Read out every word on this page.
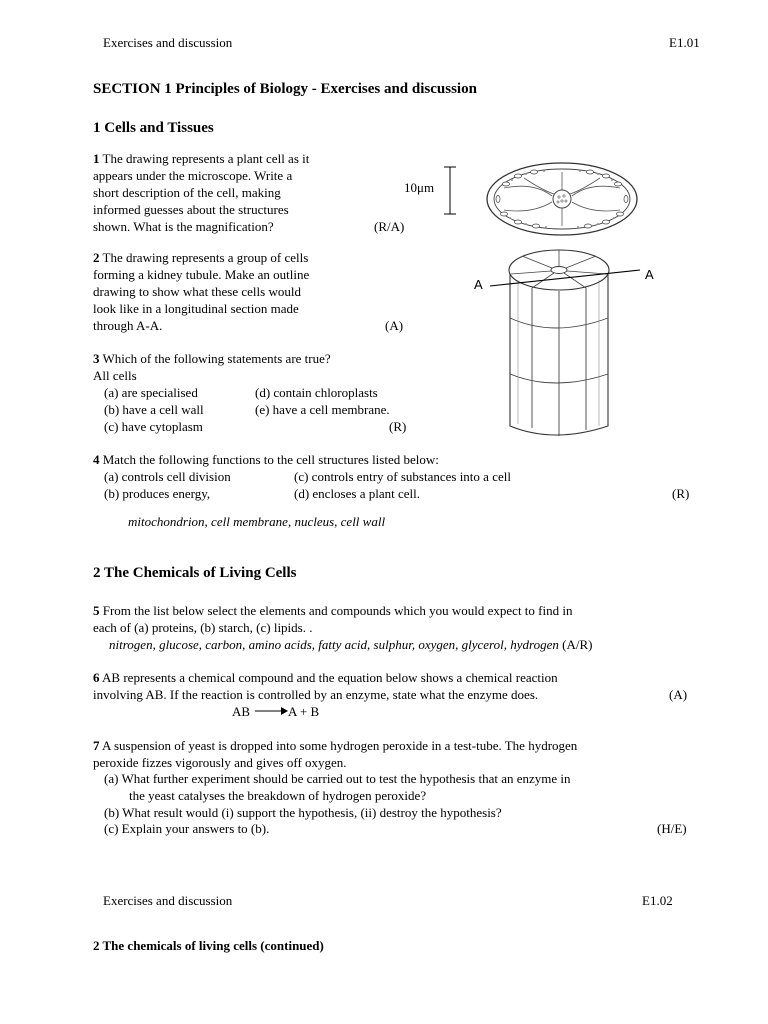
Exercises and discussion	E1.01
SECTION 1 Principles of Biology - Exercises and discussion
1 Cells and Tissues
1 The drawing represents a plant cell as it
appears under the microscope. Write a
short description of the cell, making
informed guesses about the structures
shown. What is the magnification?	(R/A)
10μm
2 The drawing represents a group of cells
forming a kidney tubule. Make an outline
drawing to show what these cells would
look like in a longitudinal section made
through A-A.	(A)
A
A
3 Which of the following statements are true?
All cells
(a) are specialised	(d) contain chloroplasts
(b) have a cell wall	(e) have a cell membrane.
(c) have cytoplasm	(R)
4 Match the following functions to the cell structures listed below:
(a) controls cell division	(c) controls entry of substances into a cell
(b) produces energy,	(d) encloses a plant cell.	(R)
mitochondrion, cell membrane, nucleus, cell wall
2 The Chemicals of Living Cells
5 From the list below select the elements and compounds which you would expect to find in
each of (a) proteins, (b) starch, (c) lipids. .
nitrogen, glucose, carbon, amino acids, fatty acid, sulphur, oxygen, glycerol, hydrogen (A/R)
6 AB represents a chemical compound and the equation below shows a chemical reaction
involving AB. If the reaction is controlled by an enzyme, state what the enzyme does.	(A)
AB	A + B
7 A suspension of yeast is dropped into some hydrogen peroxide in a test-tube. The hydrogen
peroxide fizzes vigorously and gives off oxygen.
(a) What further experiment should be carried out to test the hypothesis that an enzyme in
the yeast catalyses the breakdown of hydrogen peroxide?
(b) What result would (i) support the hypothesis, (ii) destroy the hypothesis?
(c) Explain your answers to (b).	(H/E)
Exercises and discussion	E1.02
2 The chemicals of living cells (continued)
